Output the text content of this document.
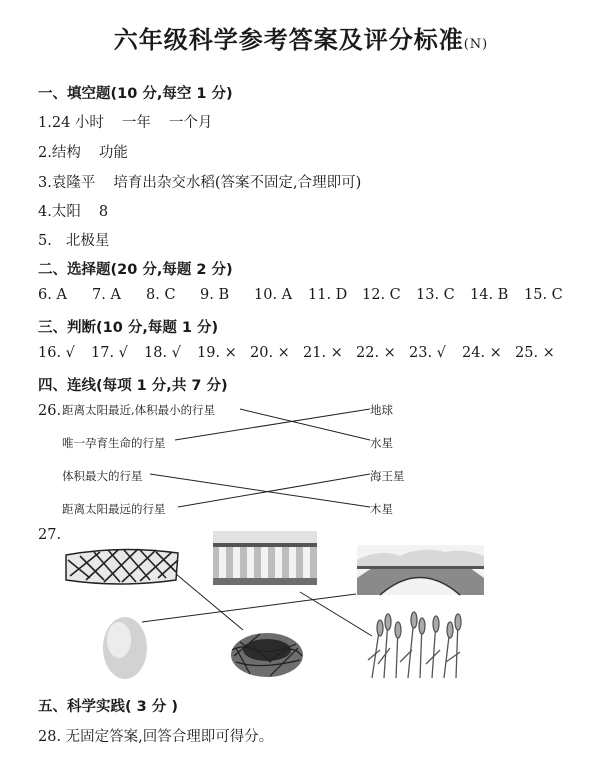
六年级科学参考答案及评分标准(N)
一、填空题(10 分,每空 1 分)
1.24 小时 一年 一个月
2.结构 功能
3.袁隆平 培育出杂交水稻(答案不固定,合理即可)
4.太阳 8
5. 北极星
二、选择题(20 分,每题 2 分)
6. A 7. A 8. C 9. B 10. A 11. D 12. C 13. C 14. B 15. C
三、判断(10 分,每题 1 分)
16. √ 17. √ 18. √ 19. × 20. × 21. × 22. × 23. √ 24. × 25. ×
四、连线(每项 1 分,共 7 分)
26. 距离太阳最近,体积最小的行星
唯一孕育生命的行星
体积最大的行星
距离太阳最远的行星
地球
水星
海王星
木星
27.
五、科学实践( 3 分 )
28. 无固定答案,回答合理即可得分。
